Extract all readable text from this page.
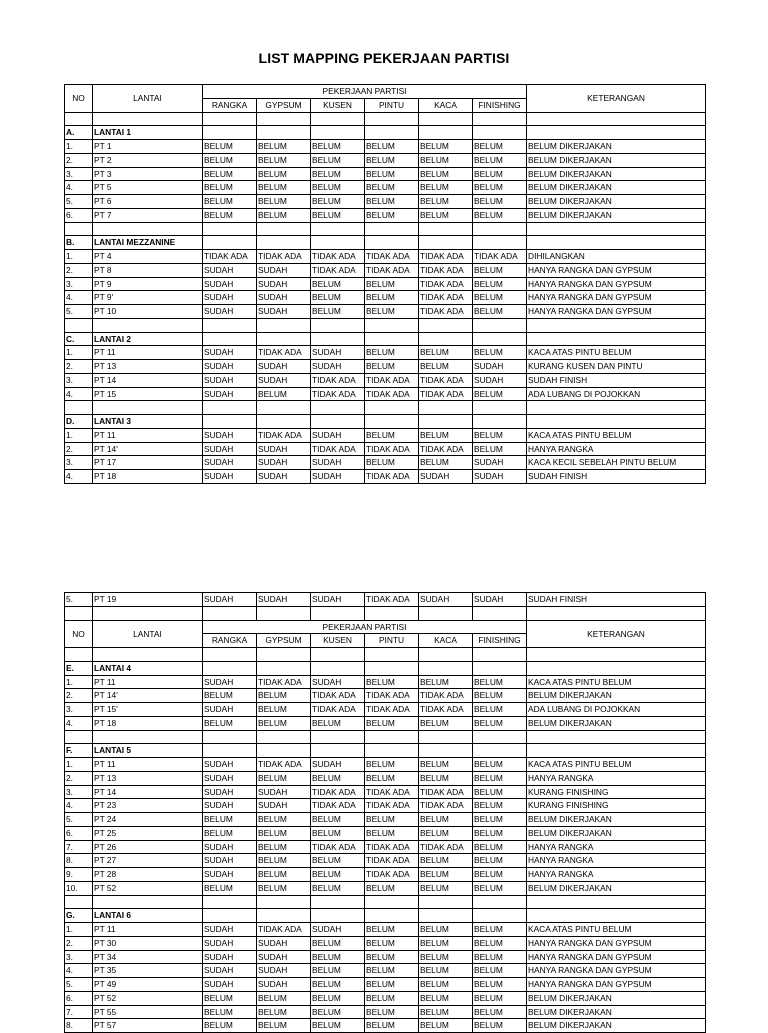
LIST MAPPING PEKERJAAN PARTISI
NO	LANTAI	PEKERJAAN PARTISI						KETERANGAN
		RANGKA	GYPSUM	KUSEN	PINTU	KACA	FINISHING	

A.	LANTAI 1							
1.	PT 1	BELUM	BELUM	BELUM	BELUM	BELUM	BELUM	BELUM DIKERJAKAN
2.	PT 2	BELUM	BELUM	BELUM	BELUM	BELUM	BELUM	BELUM DIKERJAKAN
3.	PT 3	BELUM	BELUM	BELUM	BELUM	BELUM	BELUM	BELUM DIKERJAKAN
4.	PT 5	BELUM	BELUM	BELUM	BELUM	BELUM	BELUM	BELUM DIKERJAKAN
5.	PT 6	BELUM	BELUM	BELUM	BELUM	BELUM	BELUM	BELUM DIKERJAKAN
6.	PT 7	BELUM	BELUM	BELUM	BELUM	BELUM	BELUM	BELUM DIKERJAKAN

B.	LANTAI MEZZANINE							
1.	PT 4	TIDAK ADA	TIDAK ADA	TIDAK ADA	TIDAK ADA	TIDAK ADA	TIDAK ADA	DIHILANGKAN
2.	PT 8	SUDAH	SUDAH	TIDAK ADA	TIDAK ADA	TIDAK ADA	BELUM	HANYA RANGKA DAN GYPSUM
3.	PT 9	SUDAH	SUDAH	BELUM	BELUM	TIDAK ADA	BELUM	HANYA RANGKA DAN GYPSUM
4.	PT 9'	SUDAH	SUDAH	BELUM	BELUM	TIDAK ADA	BELUM	HANYA RANGKA DAN GYPSUM
5.	PT 10	SUDAH	SUDAH	BELUM	BELUM	TIDAK ADA	BELUM	HANYA RANGKA DAN GYPSUM

C.	LANTAI 2							
1.	PT 11	SUDAH	TIDAK ADA	SUDAH	BELUM	BELUM	BELUM	KACA ATAS PINTU BELUM
2.	PT 13	SUDAH	SUDAH	SUDAH	BELUM	BELUM	SUDAH	KURANG KUSEN DAN PINTU
3.	PT 14	SUDAH	SUDAH	TIDAK ADA	TIDAK ADA	TIDAK ADA	SUDAH	SUDAH FINISH
4.	PT 15	SUDAH	BELUM	TIDAK ADA	TIDAK ADA	TIDAK ADA	BELUM	ADA LUBANG DI POJOKKAN

D.	LANTAI 3							
1.	PT 11	SUDAH	TIDAK ADA	SUDAH	BELUM	BELUM	BELUM	KACA ATAS PINTU BELUM
2.	PT 14'	SUDAH	SUDAH	TIDAK ADA	TIDAK ADA	TIDAK ADA	BELUM	HANYA RANGKA
3.	PT 17	SUDAH	SUDAH	SUDAH	BELUM	BELUM	SUDAH	KACA KECIL SEBELAH PINTU BELUM
4.	PT 18	SUDAH	SUDAH	SUDAH	TIDAK ADA	SUDAH	SUDAH	SUDAH FINISH
5.	PT 19	SUDAH	SUDAH	SUDAH	TIDAK ADA	SUDAH	SUDAH	SUDAH FINISH

NO	LANTAI	PEKERJAAN PARTISI						KETERANGAN
		RANGKA	GYPSUM	KUSEN	PINTU	KACA	FINISHING	

E.	LANTAI 4							
1.	PT 11	SUDAH	TIDAK ADA	SUDAH	BELUM	BELUM	BELUM	KACA ATAS PINTU BELUM
2.	PT 14'	BELUM	BELUM	TIDAK ADA	TIDAK ADA	TIDAK ADA	BELUM	BELUM DIKERJAKAN
3.	PT 15'	SUDAH	BELUM	TIDAK ADA	TIDAK ADA	TIDAK ADA	BELUM	ADA LUBANG DI POJOKKAN
4.	PT 18	BELUM	BELUM	BELUM	BELUM	BELUM	BELUM	BELUM DIKERJAKAN

F.	LANTAI 5							
1.	PT 11	SUDAH	TIDAK ADA	SUDAH	BELUM	BELUM	BELUM	KACA ATAS PINTU BELUM
2.	PT 13	SUDAH	BELUM	BELUM	BELUM	BELUM	BELUM	HANYA RANGKA
3.	PT 14	SUDAH	SUDAH	TIDAK ADA	TIDAK ADA	TIDAK ADA	BELUM	KURANG FINISHING
4.	PT 23	SUDAH	SUDAH	TIDAK ADA	TIDAK ADA	TIDAK ADA	BELUM	KURANG FINISHING
5.	PT 24	BELUM	BELUM	BELUM	BELUM	BELUM	BELUM	BELUM DIKERJAKAN
6.	PT 25	BELUM	BELUM	BELUM	BELUM	BELUM	BELUM	BELUM DIKERJAKAN
7.	PT 26	SUDAH	BELUM	TIDAK ADA	TIDAK ADA	TIDAK ADA	BELUM	HANYA RANGKA
8.	PT 27	SUDAH	BELUM	BELUM	TIDAK ADA	BELUM	BELUM	HANYA RANGKA
9.	PT 28	SUDAH	BELUM	BELUM	TIDAK ADA	BELUM	BELUM	HANYA RANGKA
10.	PT 52	BELUM	BELUM	BELUM	BELUM	BELUM	BELUM	BELUM DIKERJAKAN

G.	LANTAI 6							
1.	PT 11	SUDAH	TIDAK ADA	SUDAH	BELUM	BELUM	BELUM	KACA ATAS PINTU BELUM
2.	PT 30	SUDAH	SUDAH	BELUM	BELUM	BELUM	BELUM	HANYA RANGKA DAN GYPSUM
3.	PT 34	SUDAH	SUDAH	BELUM	BELUM	BELUM	BELUM	HANYA RANGKA DAN GYPSUM
4.	PT 35	SUDAH	SUDAH	BELUM	BELUM	BELUM	BELUM	HANYA RANGKA DAN GYPSUM
5.	PT 49	SUDAH	SUDAH	BELUM	BELUM	BELUM	BELUM	HANYA RANGKA DAN GYPSUM
6.	PT 52	BELUM	BELUM	BELUM	BELUM	BELUM	BELUM	BELUM DIKERJAKAN
7.	PT 55	BELUM	BELUM	BELUM	BELUM	BELUM	BELUM	BELUM DIKERJAKAN
8.	PT 57	BELUM	BELUM	BELUM	BELUM	BELUM	BELUM	BELUM DIKERJAKAN
